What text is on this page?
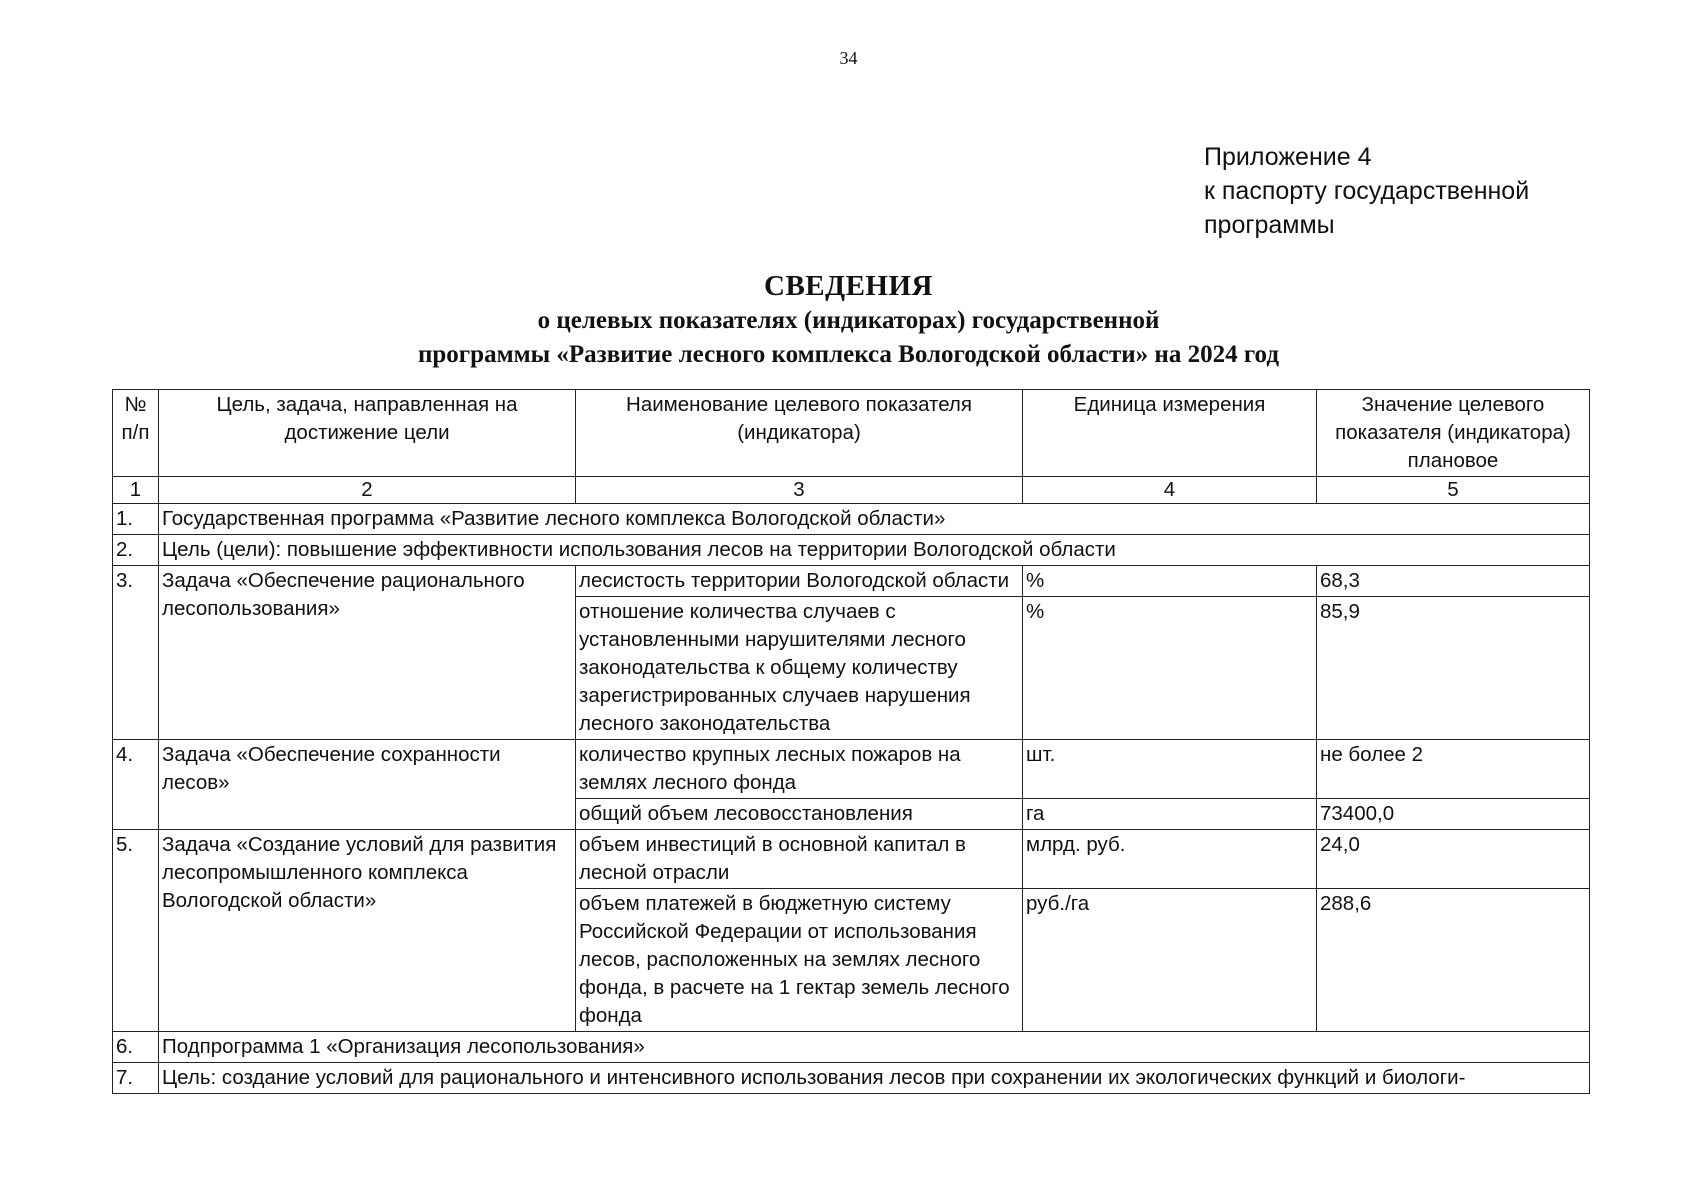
34
Приложение 4
к паспорту государственной
программы
СВЕДЕНИЯ
о целевых показателях (индикаторах) государственной
программы «Развитие лесного комплекса Вологодской области» на 2024 год
№ п/п	Цель, задача, направленная на достижение цели	Наименование целевого показателя (индикатора)	Единица измерения	Значение целевого показателя (индикатора) плановое
1	2	3	4	5
1.	Государственная программа «Развитие лесного комплекса Вологодской области»			
2.	Цель (цели): повышение эффективности использования лесов на территории Вологодской области			
3.	Задача «Обеспечение рационального лесопользования»	лесистость территории Вологодской области	%	68,3
		отношение количества случаев с установленными нарушителями лесного законодательства к общему количеству зарегистрированных случаев нарушения лесного законодательства	%	85,9
4.	Задача «Обеспечение сохранности лесов»	количество крупных лесных пожаров на землях лесного фонда	шт.	не более 2
		общий объем лесовосстановления	га	73400,0
5.	Задача «Создание условий для развития лесопромышленного комплекса Вологодской области»	объем инвестиций в основной капитал в лесной отрасли	млрд. руб.	24,0
		объем платежей в бюджетную систему Российской Федерации от использования лесов, расположенных на землях лесного фонда, в расчете на 1 гектар земель лесного фонда	руб./га	288,6
6.	Подпрограмма 1 «Организация лесопользования»			
7.	Цель: создание условий для рационального и интенсивного использования лесов при сохранении их экологических функций и биологи-			
